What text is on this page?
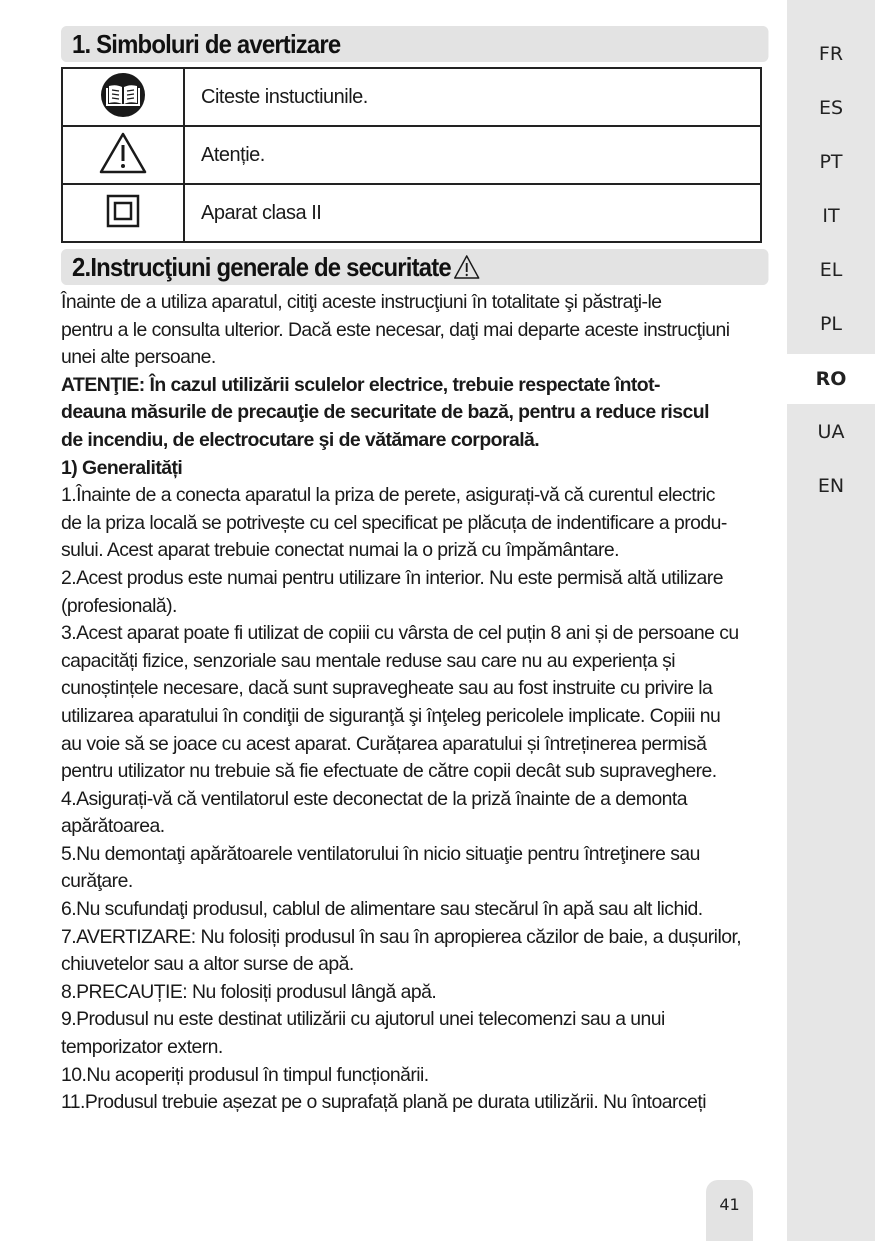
FR
ES
PT
IT
EL
PL
RO
UA
EN
1. Simboluri de avertizare
	Citeste instuctiunile.
	Atenție.
	Aparat clasa II
2.Instrucţiuni generale de securitate

Înainte de a utiliza aparatul, citiţi aceste instrucţiuni în totalitate şi păstraţi-le

pentru a le consulta ulterior. Dacă este necesar, daţi mai departe aceste instrucţiuni

unei alte persoane.

ATENŢIE: În cazul utilizării sculelor electrice, trebuie respectate întot-

deauna măsurile de precauţie de securitate de bază, pentru a reduce riscul

de incendiu, de electrocutare şi de vătămare corporală.

1) Generalități

1.Înainte de a conecta aparatul la priza de perete, asigurați-vă că curentul electric

de la priza locală se potrivește cu cel specificat pe plăcuța de indentificare a produ-

sului. Acest aparat trebuie conectat numai la o priză cu împământare.

2.Acest produs este numai pentru utilizare în interior. Nu este permisă altă utilizare

(profesională).

3.Acest aparat poate fi utilizat de copiii cu vârsta de cel puțin 8 ani și de persoane cu

capacități fizice, senzoriale sau mentale reduse sau care nu au experiența și

cunoștințele necesare, dacă sunt supravegheate sau au fost instruite cu privire la

utilizarea aparatului în condiţii de siguranţă şi înţeleg pericolele implicate. Copiii nu

au voie să se joace cu acest aparat. Curățarea aparatului și întreținerea permisă

pentru utilizator nu trebuie să fie efectuate de către copii decât sub supraveghere.

4.Asigurați-vă că ventilatorul este deconectat de la priză înainte de a demonta

apărătoarea.

5.Nu demontaţi apărătoarele ventilatorului în nicio situaţie pentru întreţinere sau

curăţare.

6.Nu scufundaţi produsul, cablul de alimentare sau stecărul în apă sau alt lichid.

7.AVERTIZARE: Nu folosiți produsul în sau în apropierea căzilor de baie, a dușurilor,

chiuvetelor sau a altor surse de apă.

8.PRECAUȚIE: Nu folosiți produsul lângă apă.

9.Produsul nu este destinat utilizării cu ajutorul unei telecomenzi sau a unui

temporizator extern.

10.Nu acoperiți produsul în timpul funcționării.

11.Produsul trebuie așezat pe o suprafață plană pe durata utilizării. Nu întoarceți

41
